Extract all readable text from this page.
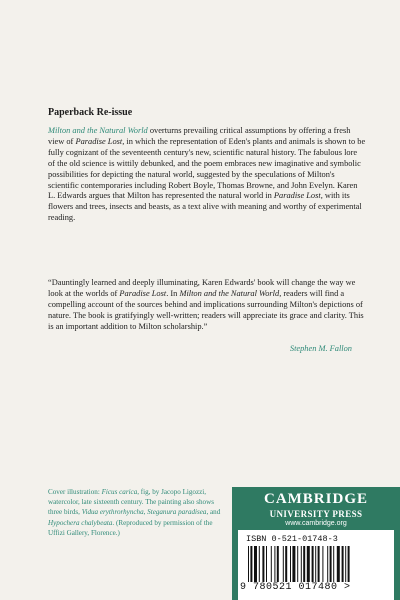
Paperback Re-issue
Milton and the Natural World overturns prevailing critical assumptions by offering a fresh view of Paradise Lost, in which the representation of Eden's plants and animals is shown to be fully cognizant of the seventeenth century's new, scientific natural history. The fabulous lore of the old science is wittily debunked, and the poem embraces new imaginative and symbolic possibilities for depicting the natural world, suggested by the speculations of Milton's scientific contemporaries including Robert Boyle, Thomas Browne, and John Evelyn. Karen L. Edwards argues that Milton has represented the natural world in Paradise Lost, with its flowers and trees, insects and beasts, as a text alive with meaning and worthy of experimental reading.
“Dauntingly learned and deeply illuminating, Karen Edwards' book will change the way we look at the worlds of Paradise Lost. In Milton and the Natural World, readers will find a compelling account of the sources behind and implications surrounding Milton's depictions of nature. The book is gratifyingly well-written; readers will appreciate its grace and clarity. This is an important addition to Milton scholarship.”
Stephen M. Fallon
Cover illustration: Ficus carica, fig, by Jacopo Ligozzi, watercolor, late sixteenth century. The painting also shows three birds, Vidua erythrorhyncha, Steganura paradisea, and Hypochera chalybeata. (Reproduced by permission of the Uffizi Gallery, Florence.)
CAMBRIDGE
UNIVERSITY PRESS
www.cambridge.org
ISBN 0-521-01748-3
9 780521 017480 >
